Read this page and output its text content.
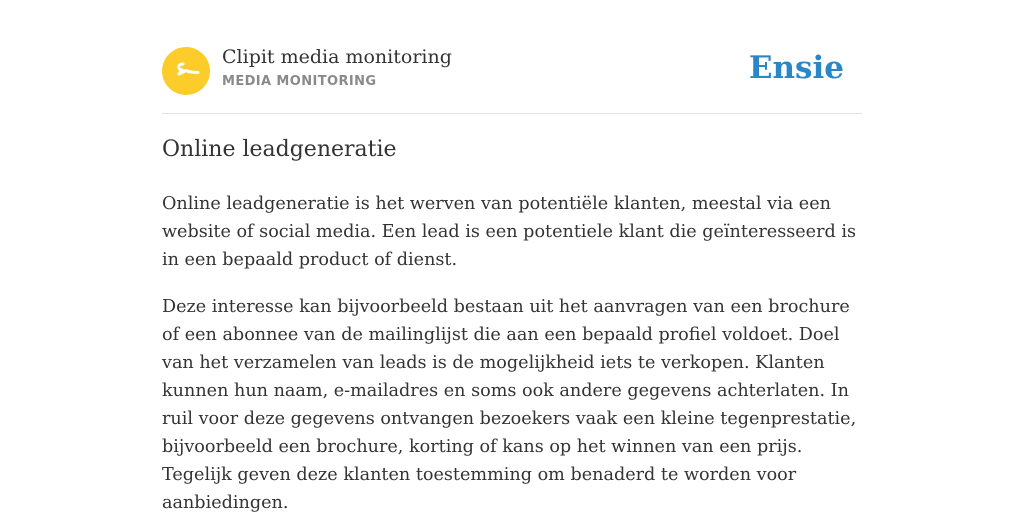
Clipit media monitoring
MEDIA MONITORING	Ensie
Online leadgeneratie

Online leadgeneratie is het werven van potentiële klanten, meestal via een website of social media. Een lead is een potentiele klant die geïnteresseerd is in een bepaald product of dienst.

Deze interesse kan bijvoorbeeld bestaan uit het aanvragen van een brochure of een abonnee van de mailinglijst die aan een bepaald profiel voldoet. Doel van het verzamelen van leads is de mogelijkheid iets te verkopen. Klanten kunnen hun naam, e-mailadres en soms ook andere gegevens achterlaten. In ruil voor deze gegevens ontvangen bezoekers vaak een kleine tegenprestatie, bijvoorbeeld een brochure, korting of kans op het winnen van een prijs. Tegelijk geven deze klanten toestemming om benaderd te worden voor aanbiedingen.
